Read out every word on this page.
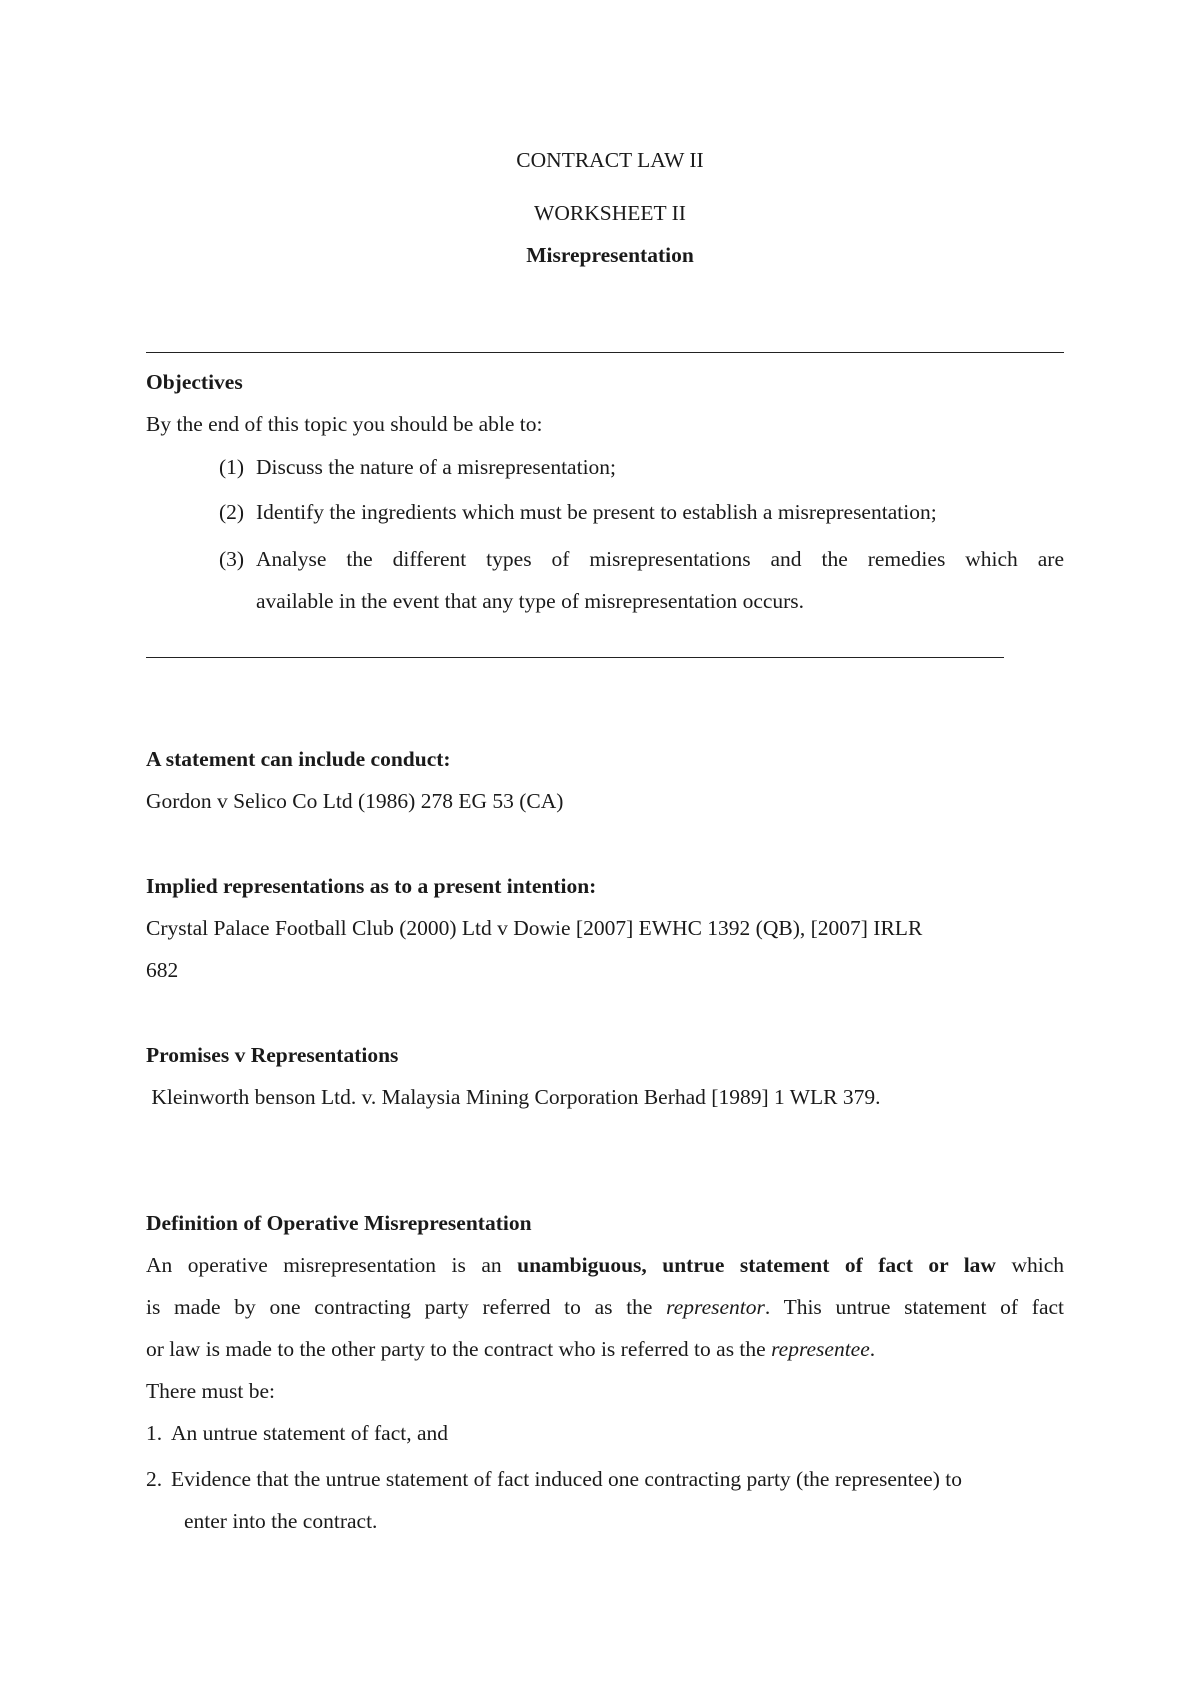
CONTRACT LAW II

WORKSHEET II

Misrepresentation

Objectives

By the end of this topic you should be able to:

(1) Discuss the nature of a misrepresentation;

(2) Identify the ingredients which must be present to establish a misrepresentation;

(3) Analyse the different types of misrepresentations and the remedies which are

available in the event that any type of misrepresentation occurs.

A statement can include conduct:

Gordon v Selico Co Ltd (1986) 278 EG 53 (CA)

Implied representations as to a present intention:

Crystal Palace Football Club (2000) Ltd v Dowie [2007] EWHC 1392 (QB), [2007] IRLR

682

Promises v Representations

Kleinworth benson Ltd. v. Malaysia Mining Corporation Berhad [1989] 1 WLR 379.

Definition of Operative Misrepresentation

An operative misrepresentation is an unambiguous, untrue statement of fact or law which

is made by one contracting party referred to as the representor. This untrue statement of fact

or law is made to the other party to the contract who is referred to as the representee.

There must be:

1. An untrue statement of fact, and

2. Evidence that the untrue statement of fact induced one contracting party (the representee) to

enter into the contract.
